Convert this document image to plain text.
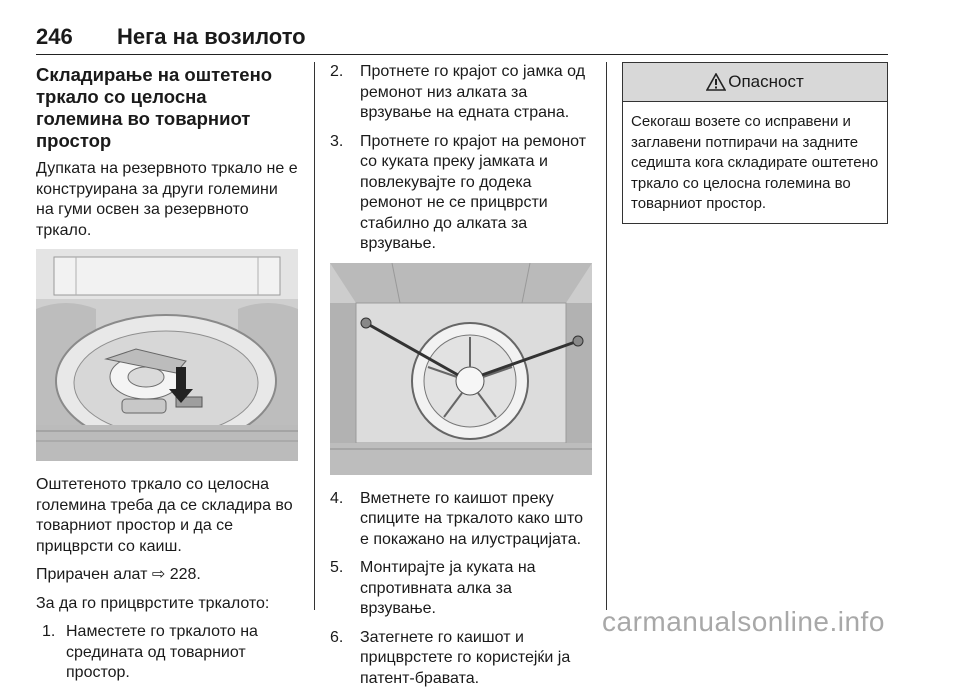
246 Нега на возилото
Складирање на оштетено тркало со целосна големина во товарниот простор

Дупката на резервното тркало не е конструирана за други големини на гуми освен за резервното тркало.

Оштетеното тркало со целосна големина треба да се складира во товарниот простор и да се прицврсти со каиш.

Прирачен алат ⇨ 228.

За да го прицврстите тркалото:

1. Наместете го тркалото на средината од товарниот простор.
2. Протнете го крајот со јамка од ремонот низ алката за врзување на едната страна.
3. Протнете го крајот на ремонот со куката преку јамката и повлекувајте го додека ремонот не се прицврсти стабилно до алката за врзување.
4. Вметнете го каишот преку спиците на тркалото како што е покажано на илустрацијата.
5. Монтирајте ја куката на спротивната алка за врзување.
6. Затегнете го каишот и прицврстете го користејќи ја патент-бравата.
Опасност
Секогаш возете со исправени и заглавени потпирачи на задните седишта кога складирате оштетено тркало со целосна големина во товарниот простор.
carmanualsonline.info
